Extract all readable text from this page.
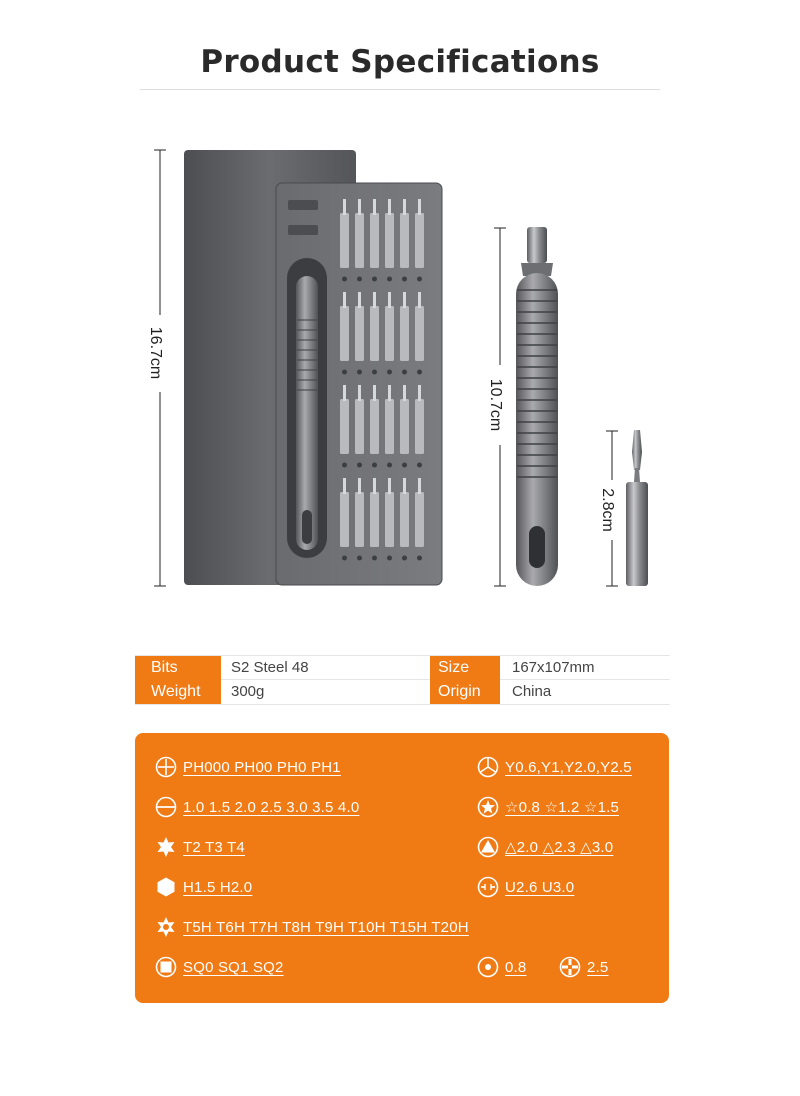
Product Specifications
16.7cm
10.7cm
2.8cm
Bits	S2 Steel 48	Size	167x107mm
Weight	300g	Origin	China
PH000 PH00 PH0 PH1	Y0.6,Y1,Y2.0,Y2.5
1.0 1.5 2.0 2.5 3.0 3.5 4.0	☆0.8 ☆1.2 ☆1.5
T2 T3 T4	△2.0 △2.3 △3.0
H1.5 H2.0	U2.6 U3.0
T5H T6H T7H T8H T9H T10H T15H T20H
SQ0 SQ1 SQ2	0.8	2.5
